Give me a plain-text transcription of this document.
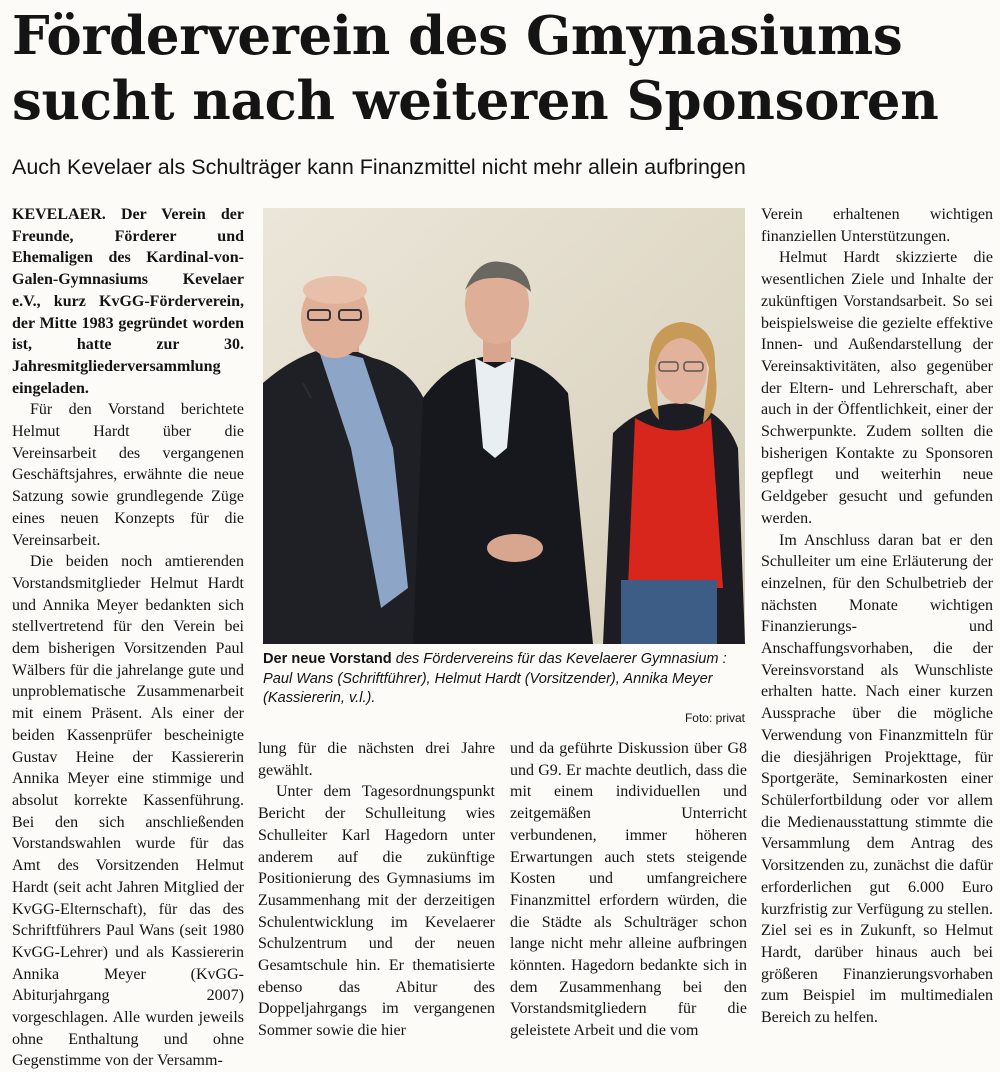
Förderverein des Gmynasiums
sucht nach weiteren Sponsoren

Auch Kevelaer als Schulträger kann Finanzmittel nicht mehr allein aufbringen

KEVELAER. Der Verein der Freunde, Förderer und Ehemaligen des Kardinal-von-Galen-Gymnasiums Kevelaer e.V., kurz KvGG-Förderverein, der Mitte 1983 gegründet worden ist, hatte zur 30. Jahresmitgliederversammlung eingeladen.

Für den Vorstand berichtete Helmut Hardt über die Vereinsarbeit des vergangenen Geschäftsjahres, erwähnte die neue Satzung sowie grundlegende Züge eines neuen Konzepts für die Vereinsarbeit.

Die beiden noch amtierenden Vorstandsmitglieder Helmut Hardt und Annika Meyer bedankten sich stellvertretend für den Verein bei dem bisherigen Vorsitzenden Paul Wälbers für die jahrelange gute und unproblematische Zusammenarbeit mit einem Präsent. Als einer der beiden Kassenprüfer bescheinigte Gustav Heine der Kassiererin Annika Meyer eine stimmige und absolut korrekte Kassenführung. Bei den sich anschließenden Vorstandswahlen wurde für das Amt des Vorsitzenden Helmut Hardt (seit acht Jahren Mitglied der KvGG-Elternschaft), für das des Schriftführers Paul Wans (seit 1980 KvGG-Lehrer) und als Kassiererin Annika Meyer (KvGG-Abiturjahrgang 2007) vorgeschlagen. Alle wurden jeweils ohne Enthaltung und ohne Gegenstimme von der Versamm-

Der neue Vorstand des Fördervereins für das Kevelaerer Gymnasium : Paul Wans (Schriftführer), Helmut Hardt (Vorsitzender), Annika Meyer (Kassiererin, v.l.).
Foto: privat

lung für die nächsten drei Jahre gewählt.

Unter dem Tagesordnungspunkt Bericht der Schulleitung wies Schulleiter Karl Hagedorn unter anderem auf die zukünftige Positionierung des Gymnasiums im Zusammenhang mit der derzeitigen Schulentwicklung im Kevelaerer Schulzentrum und der neuen Gesamtschule hin. Er thematisierte ebenso das Abitur des Doppeljahrgangs im vergangenen Sommer sowie die hier

und da geführte Diskussion über G8 und G9. Er machte deutlich, dass die mit einem individuellen und zeitgemäßen Unterricht verbundenen, immer höheren Erwartungen auch stets steigende Kosten und umfangreichere Finanzmittel erfordern würden, die die Städte als Schulträger schon lange nicht mehr alleine aufbringen könnten. Hagedorn bedankte sich in dem Zusammenhang bei den Vorstandsmitgliedern für die geleistete Arbeit und die vom

Verein erhaltenen wichtigen finanziellen Unterstützungen.

Helmut Hardt skizzierte die wesentlichen Ziele und Inhalte der zukünftigen Vorstandsarbeit. So sei beispielsweise die gezielte effektive Innen- und Außendarstellung der Vereinsaktivitäten, also gegenüber der Eltern- und Lehrerschaft, aber auch in der Öffentlichkeit, einer der Schwerpunkte. Zudem sollten die bisherigen Kontakte zu Sponsoren gepflegt und weiterhin neue Geldgeber gesucht und gefunden werden.

Im Anschluss daran bat er den Schulleiter um eine Erläuterung der einzelnen, für den Schulbetrieb der nächsten Monate wichtigen Finanzierungs- und Anschaffungsvorhaben, die der Vereinsvorstand als Wunschliste erhalten hatte. Nach einer kurzen Aussprache über die mögliche Verwendung von Finanzmitteln für die diesjährigen Projekttage, für Sportgeräte, Seminarkosten einer Schülerfortbildung oder vor allem die Medienausstattung stimmte die Versammlung dem Antrag des Vorsitzenden zu, zunächst die dafür erforderlichen gut 6.000 Euro kurzfristig zur Verfügung zu stellen. Ziel sei es in Zukunft, so Helmut Hardt, darüber hinaus auch bei größeren Finanzierungsvorhaben zum Beispiel im multimedialen Bereich zu helfen.
